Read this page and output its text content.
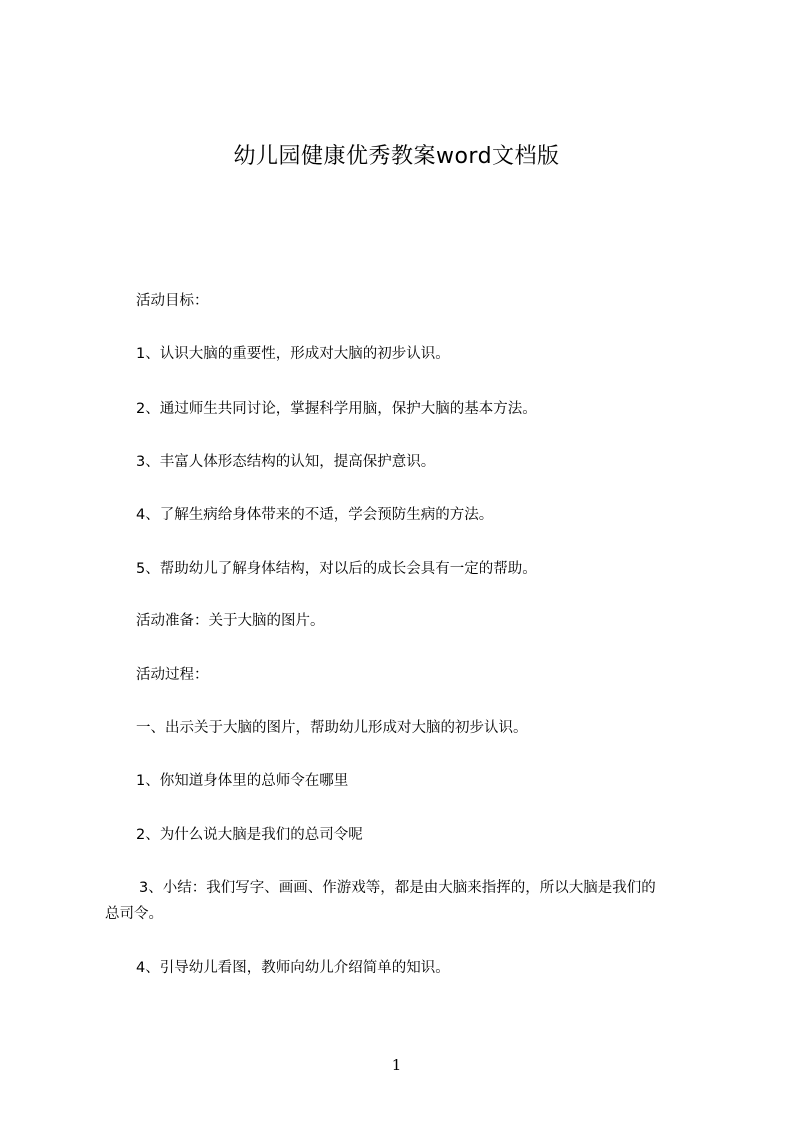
幼儿园健康优秀教案word文档版
活动目标：
1、认识大脑的重要性，形成对大脑的初步认识。
2、通过师生共同讨论，掌握科学用脑，保护大脑的基本方法。
3、丰富人体形态结构的认知，提高保护意识。
4、了解生病给身体带来的不适，学会预防生病的方法。
5、帮助幼儿了解身体结构，对以后的成长会具有一定的帮助。
活动准备：关于大脑的图片。
活动过程：
一、出示关于大脑的图片，帮助幼儿形成对大脑的初步认识。
1、你知道身体里的总师令在哪里
2、为什么说大脑是我们的总司令呢
3、小结：我们写字、画画、作游戏等，都是由大脑来指挥的，所以大脑是我们的
总司令。
4、引导幼儿看图，教师向幼儿介绍简单的知识。
1
